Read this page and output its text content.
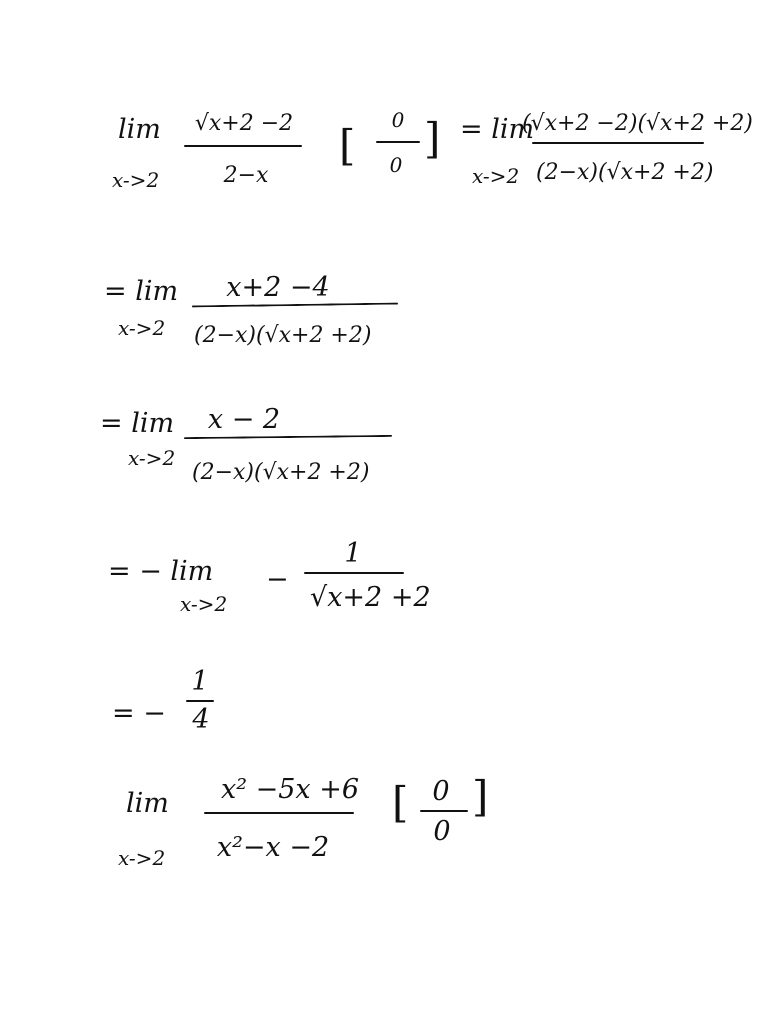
lim
x->2
√x+2 −2
2−x
[
0
0
] = lim
x->2
(√x+2 −2)(√x+2 +2)
(2−x)(√x+2 +2)
= lim
x->2
x+2 −4
(2−x)(√x+2 +2)
= lim
x->2
x − 2
(2−x)(√x+2 +2)
= − lim
x->2
−
1
√x+2 +2
= −
1
4
lim
x->2
x² −5x +6
x²−x −2
[ 0
0
]
